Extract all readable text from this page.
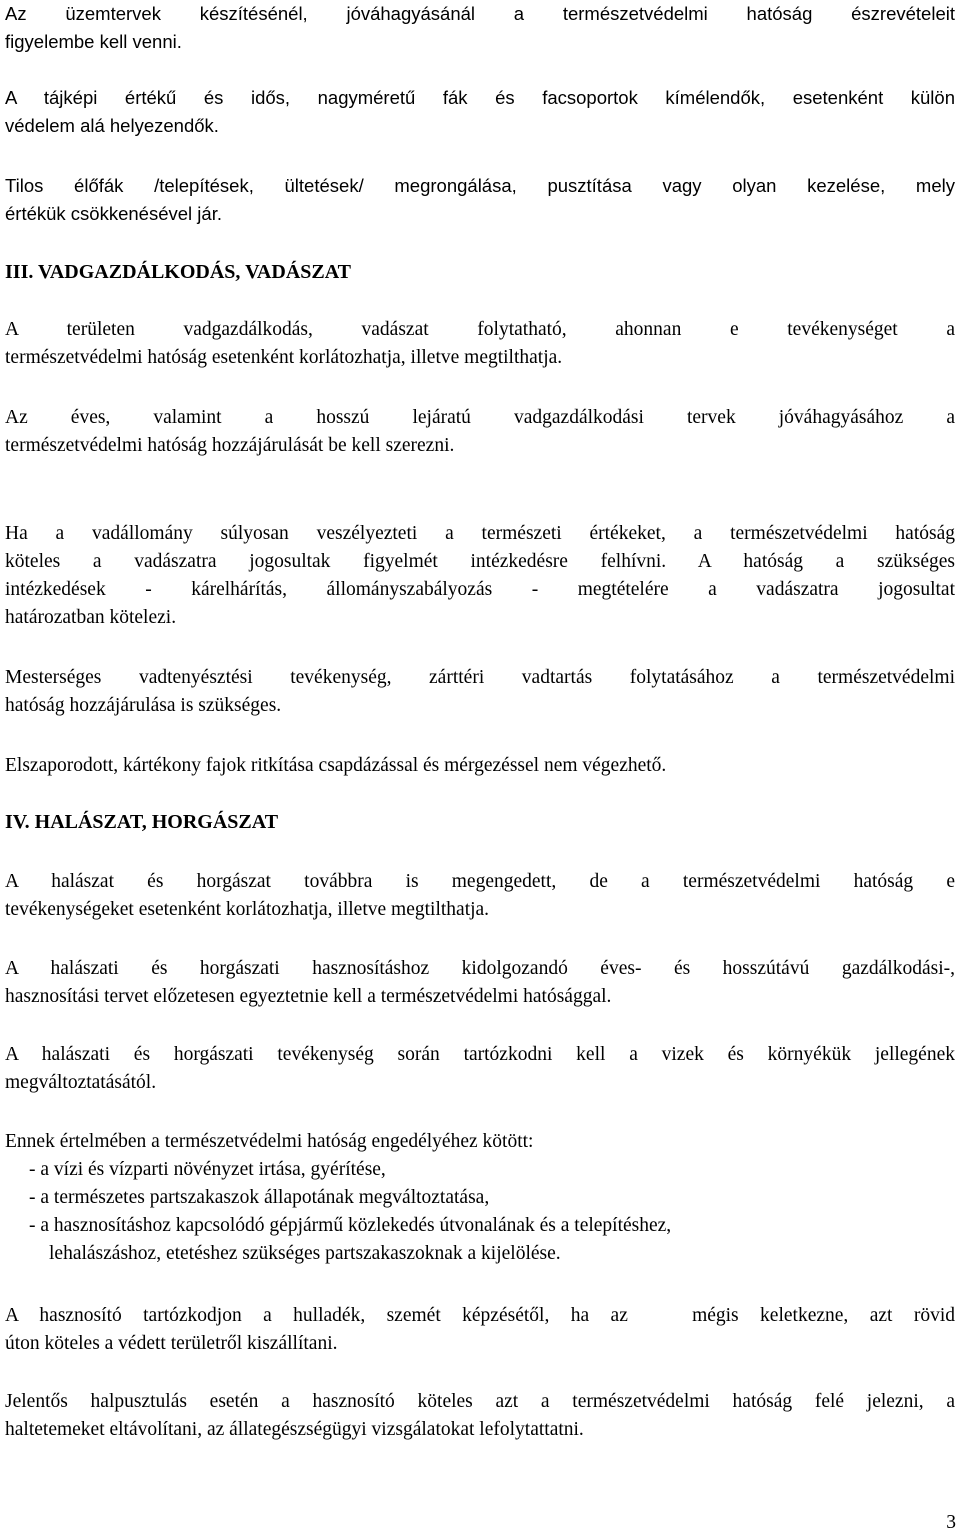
Az üzemtervek készítésénél, jóváhagyásánál a természetvédelmi hatóság észrevételeit
figyelembe kell venni.
A tájképi értékű és idős, nagyméretű fák és facsoportok kímélendők, esetenként külön
védelem alá helyezendők.
Tilos élőfák /telepítések, ültetések/ megrongálása, pusztítása vagy olyan kezelése, mely
értékük csökkenésével jár.
III. VADGAZDÁLKODÁS, VADÁSZAT
A területen vadgazdálkodás, vadászat folytatható, ahonnan e tevékenységet a
természetvédelmi hatóság esetenként korlátozhatja, illetve megtilthatja.
Az éves, valamint a hosszú lejáratú vadgazdálkodási tervek jóváhagyásához a
természetvédelmi hatóság hozzájárulását be kell szerezni.
Ha a vadállomány súlyosan veszélyezteti a természeti értékeket, a természetvédelmi hatóság
köteles a vadászatra jogosultak figyelmét intézkedésre felhívni. A hatóság a szükséges
intézkedések - kárelhárítás, állományszabályozás - megtételére a vadászatra jogosultat
határozatban kötelezi.
Mesterséges vadtenyésztési tevékenység, zárttéri vadtartás folytatásához a természetvédelmi
hatóság hozzájárulása is szükséges.
Elszaporodott, kártékony fajok ritkítása csapdázással és mérgezéssel nem végezhető.
IV. HALÁSZAT, HORGÁSZAT
A halászat és horgászat továbbra is megengedett, de a természetvédelmi hatóság e
tevékenységeket esetenként korlátozhatja, illetve megtilthatja.
A halászati és horgászati hasznosításhoz kidolgozandó éves- és hosszútávú gazdálkodási-,
hasznosítási tervet előzetesen egyeztetnie kell a természetvédelmi hatósággal.
A halászati és horgászati tevékenység során tartózkodni kell a vizek és környékük jellegének
megváltoztatásától.
Ennek értelmében a természetvédelmi hatóság engedélyéhez kötött:
- a vízi és vízparti növényzet irtása, gyérítése,
- a természetes partszakaszok állapotának megváltoztatása,
- a hasznosításhoz kapcsolódó gépjármű közlekedés útvonalának és a telepítéshez,
lehalászáshoz, etetéshez szükséges partszakaszoknak a kijelölése.
A hasznosító tartózkodjon a hulladék, szemét képzésétől, ha az   mégis keletkezne, azt rövid
úton köteles a védett területről kiszállítani.
Jelentős halpusztulás esetén a hasznosító köteles azt a természetvédelmi hatóság felé jelezni, a
haltetemeket eltávolítani, az állategészségügyi vizsgálatokat lefolytattatni.
3
